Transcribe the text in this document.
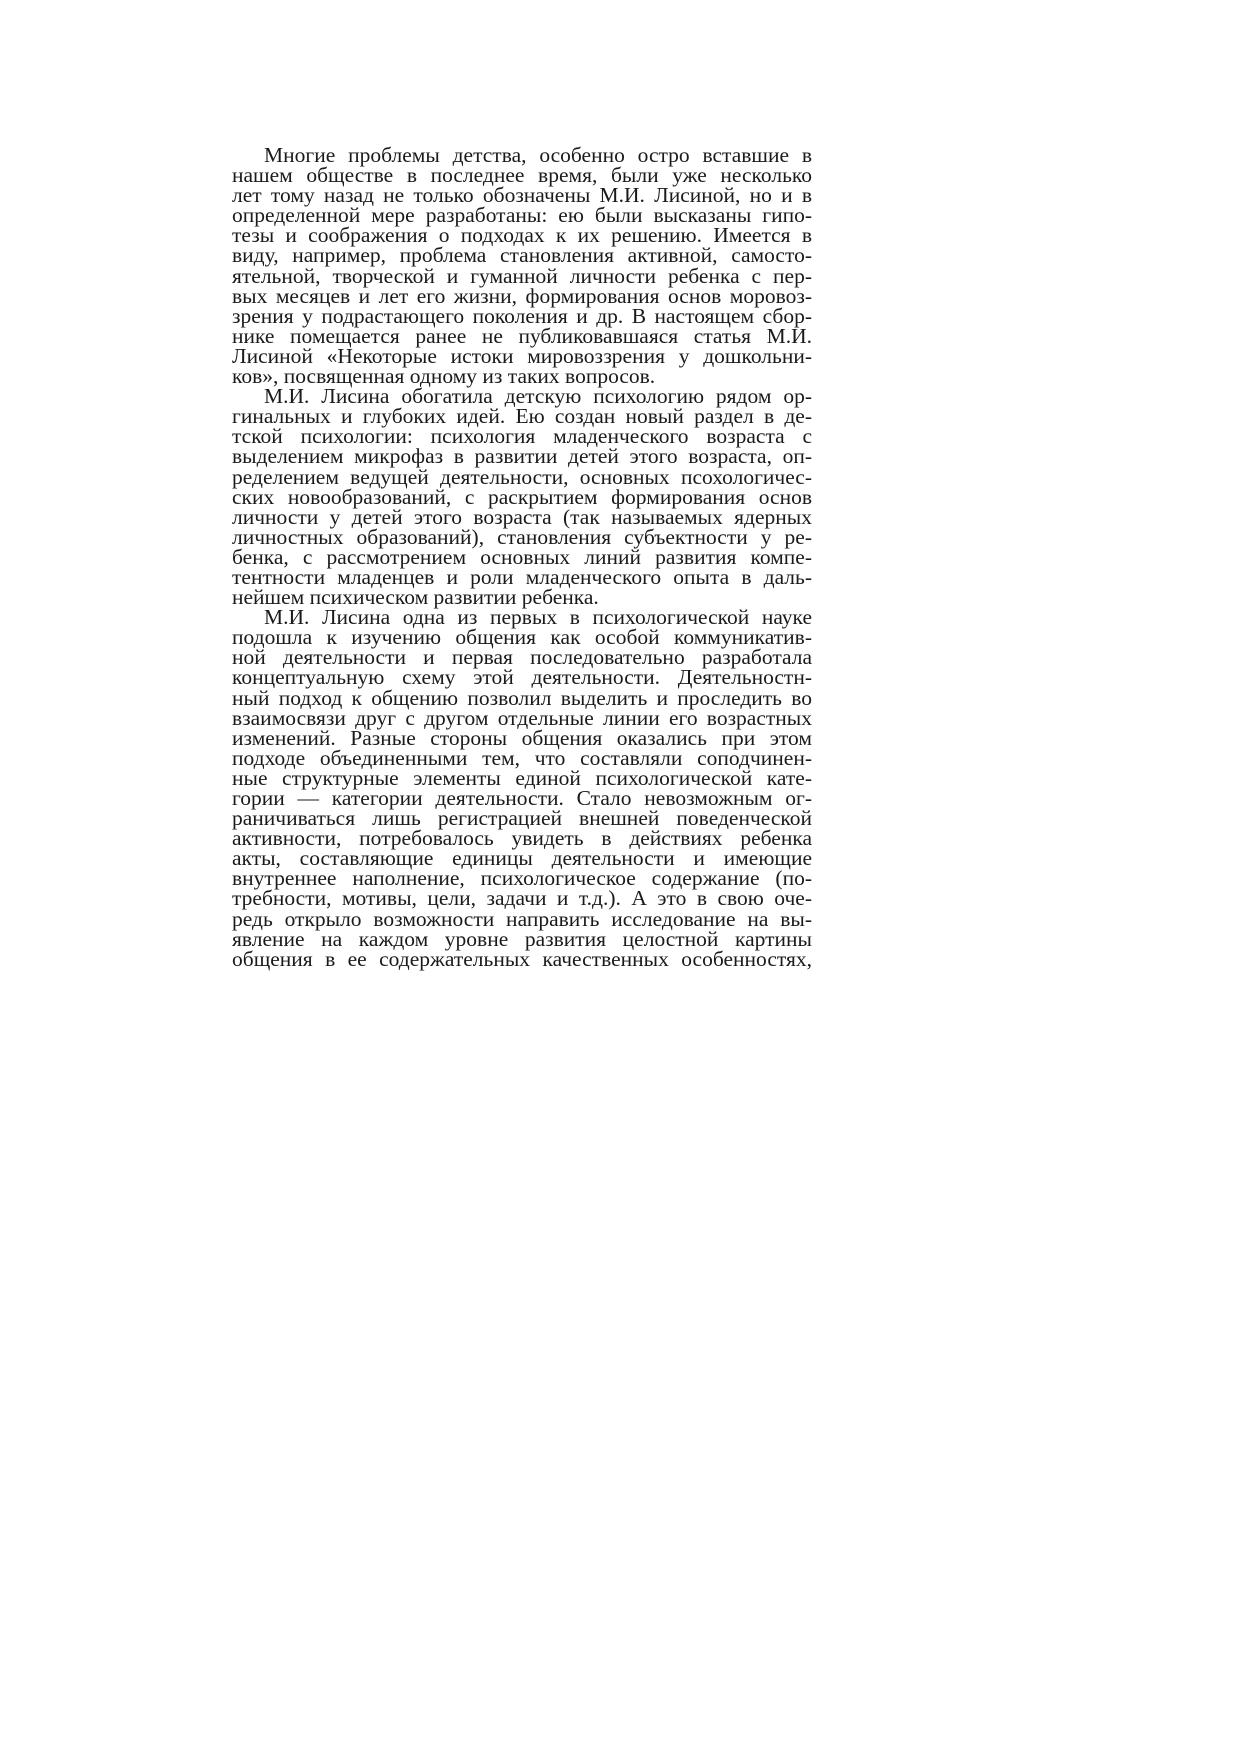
Многие проблемы детства, особенно остро вставшие в
нашем обществе в последнее время, были уже несколько
лет тому назад не только обозначены М.И. Лисиной, но и в
определенной мере разработаны: ею были высказаны гипо-
тезы и соображения о подходах к их решению. Имеется в
виду, например, проблема становления активной, самосто-
ятельной, творческой и гуманной личности ребенка с пер-
вых месяцев и лет его жизни, формирования основ моровоз-
зрения у подрастающего поколения и др. В настоящем сбор-
нике помещается ранее не публиковавшаяся статья М.И.
Лисиной «Некоторые истоки мировоззрения у дошкольни-
ков», посвященная одному из таких вопросов.
М.И. Лисина обогатила детскую психологию рядом ор-
гинальных и глубоких идей. Ею создан новый раздел в де-
тской психологии: психология младенческого возраста с
выделением микрофаз в развитии детей этого возраста, оп-
ределением ведущей деятельности, основных псохологичес-
ских новообразований, с раскрытием формирования основ
личности у детей этого возраста (так называемых ядерных
личностных образований), становления субъектности у ре-
бенка, с рассмотрением основных линий развития компе-
тентности младенцев и роли младенческого опыта в даль-
нейшем психическом развитии ребенка.
М.И. Лисина одна из первых в психологической науке
подошла к изучению общения как особой коммуникатив-
ной деятельности и первая последовательно разработала
концептуальную схему этой деятельности. Деятельностн-
ный подход к общению позволил выделить и проследить во
взаимосвязи друг с другом отдельные линии его возрастных
изменений. Разные стороны общения оказались при этом
подходе объединенными тем, что составляли соподчинен-
ные структурные элементы единой психологической кате-
гории — категории деятельности. Стало невозможным ог-
раничиваться лишь регистрацией внешней поведенческой
активности, потребовалось увидеть в действиях ребенка
акты, составляющие единицы деятельности и имеющие
внутреннее наполнение, психологическое содержание (по-
требности, мотивы, цели, задачи и т.д.). А это в свою оче-
редь открыло возможности направить исследование на вы-
явление на каждом уровне развития целостной картины
общения в ее содержательных качественных особенностях,
